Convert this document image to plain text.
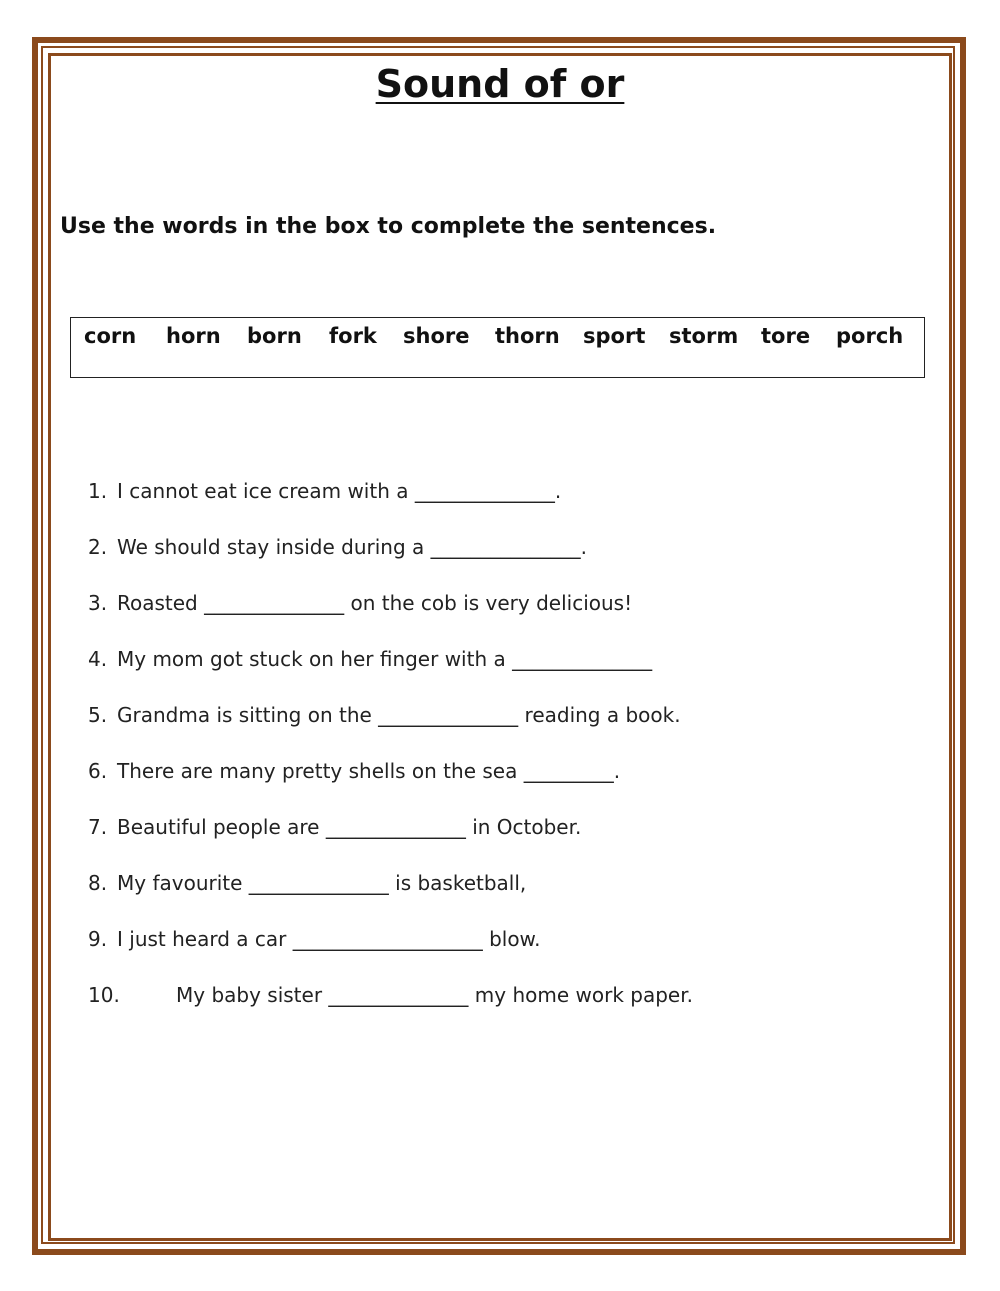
Sound of or
Use the words in the box to complete the sentences.
corn horn born fork shore thorn sport storm tore porch
1. I cannot eat ice cream with a ______________.
2. We should stay inside during a _______________.
3. Roasted ______________ on the cob is very delicious!
4. My mom got stuck on her finger with a ______________
5. Grandma is sitting on the ______________ reading a book.
6. There are many pretty shells on the sea _________.
7. Beautiful people are ______________ in October.
8. My favourite ______________ is basketball,
9. I just heard a car ___________________ blow.
10.	My baby sister ______________ my home work paper.
